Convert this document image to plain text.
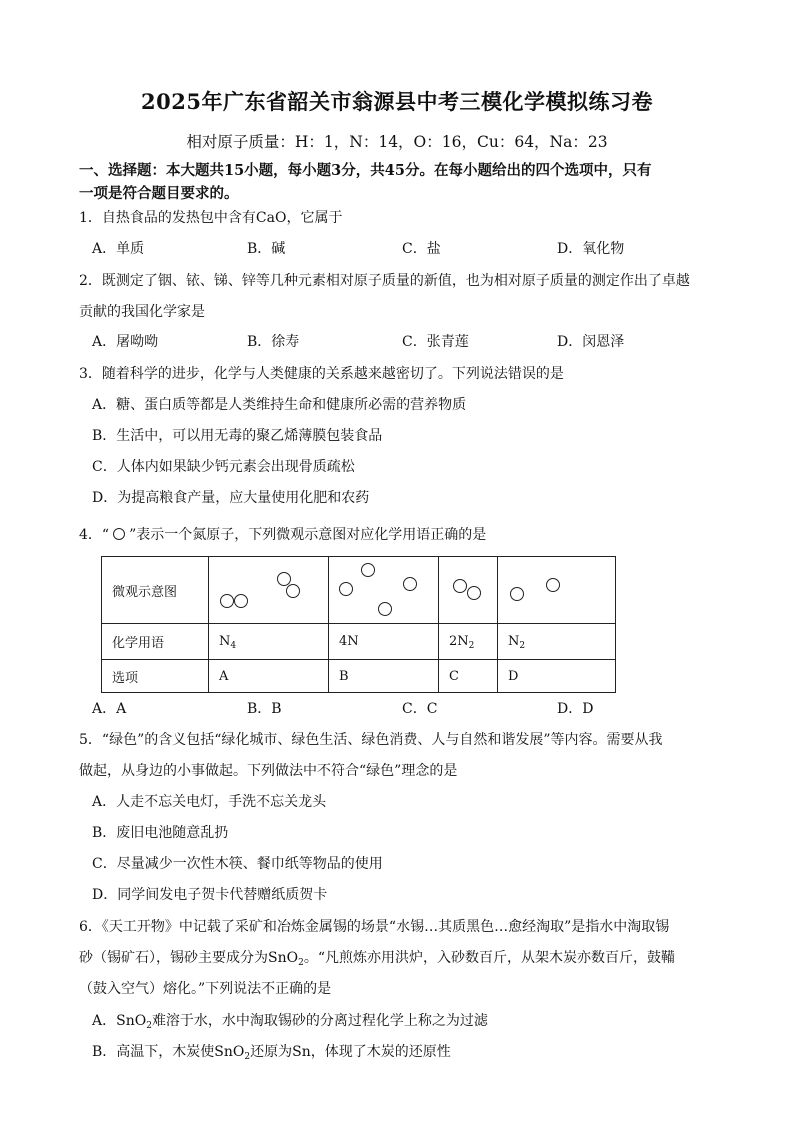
2025年广东省韶关市翁源县中考三模化学模拟练习卷
相对原子质量：H：1，N：14，O：16，Cu：64，Na：23
一、选择题：本大题共15小题，每小题3分，共45分。在每小题给出的四个选项中，只有
一项是符合题目要求的。
1．自热食品的发热包中含有CaO，它属于
A．单质	B．碱	C．盐	D．氧化物
2．既测定了铟、铱、锑、锌等几种元素相对原子质量的新值，也为相对原子质量的测定作出了卓越
贡献的我国化学家是
A．屠呦呦	B．徐寿	C．张青莲	D．闵恩泽
3．随着科学的进步，化学与人类健康的关系越来越密切了。下列说法错误的是
A．糖、蛋白质等都是人类维持生命和健康所必需的营养物质
B．生活中，可以用无毒的聚乙烯薄膜包装食品
C．人体内如果缺少钙元素会出现骨质疏松
D．为提高粮食产量，应大量使用化肥和农药
4．“ ”表示一个氮原子，下列微观示意图对应化学用语正确的是
微观示意图	

化学用语	$N_4$	4N	$2N_2$	$N_2$
选项	A	B	C	D
A．A	B．B	C．C	D．D
5．“绿色”的含义包括“绿化城市、绿色生活、绿色消费、人与自然和谐发展”等内容。需要从我
做起，从身边的小事做起。下列做法中不符合“绿色”理念的是
A．人走不忘关电灯，手洗不忘关龙头
B．废旧电池随意乱扔
C．尽量减少一次性木筷、餐巾纸等物品的使用
D．同学间发电子贺卡代替赠纸质贺卡
6．《天工开物》中记载了采矿和冶炼金属锡的场景“水锡…其质黑色…愈经淘取”是指水中淘取锡
砂（锡矿石），锡砂主要成分为SnO$_2$。“凡煎炼亦用洪炉，入砂数百斤，从架木炭亦数百斤，鼓鞴
（鼓入空气）熔化。”下列说法不正确的是
A．SnO$_2$难溶于水，水中淘取锡砂的分离过程化学上称之为过滤
B．高温下，木炭使SnO$_2$还原为Sn，体现了木炭的还原性
